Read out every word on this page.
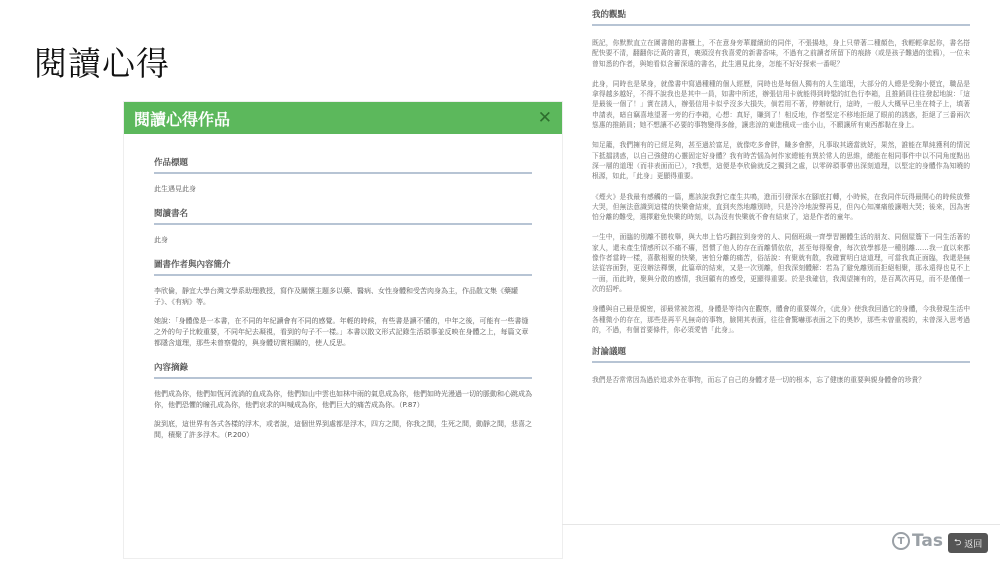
閱讀心得
閱讀心得作品	✕
作品標題

此生遇見此身

閱讀書名

此身

圖書作者與內容簡介

李欣倫，靜宜大學台灣文學系助理教授，寫作及關懷主題多以藥、醫病、女性身體和受苦肉身為主，作品散文集《藥罐子》、《有病》等。

她說：「身體像是一本書，在不同的年紀讀會有不同的感覺。年輕的時候，有些書是讀不懂的，中年之後，可能有一些書缝之外的句子比較重要，不同年紀去凝視，看到的句子不一樣。」本書以散文形式記錄生活瑣事並反映在身體之上，每篇文章都隱含道理，那些未曾察覺的，與身體切實相關的，使人反思。

內容摘錄

他們成為你，他們如恆河流淌的血成為你，他們如山中雲也如林中雨的氣息成為你，他們如時光漫過一切的脈動和心跳成為你，他們恐懼的瞳孔成為你，他們哀求的叫喊成為你，他們巨大的痛苦成為你。（P.87）

說到底，這世界有各式各樣的浮木，或者說，這個世界到處都是浮木，四方之間，你我之間，生死之間，動靜之間，悲喜之間，積聚了許多浮木。（P.200）

我的觀點
既記，你默默直立在圖書館的書櫃上，不在意身旁華麗繽紛的同伴，不張揚地，身上只帶著二種顏色，我輕輕拿起你，書名搭配快要不清，翻翻你泛黃的書頁，裏頭沒有我喜愛的新書香味，不過有之前讀者所留下的痕跡（或是孩子難過的塗鴉），一位未曾知悉的作者，與她看似含蓄深遠的書名，此生遇見此身，怎能不好好探索一番呢？
此身，同時也是眾身，就像書中寫過種種的個人經歷，同時也是每個人獨有的人生道理，大部分的人總是受胸小便宜，職品是拿得越多越好，不得不說我也是其中一員，如書中所述，辦張信用卡就能得到時髦的紅色行李箱，且推銷員往往發起地說：「這是最後一個了！」實在誘人，辦張信用卡似乎沒多大損失，倘若用不著，停辦就行，這時，一般人大概早已坐在椅子上，填著申請表，暗自竊喜地望著一旁的行李箱，心想：真好，賺到了！相反地，作者堅定不移地拒絕了眼前的誘惑，拒絕了三番兩次慫惠的推銷員；她不想讓不必要的事物變得多餘，讓悲涼的東進積成一座小山，不願讓所有東西都黏在身上。
知足籠，我們擁有的已經足夠，甚至過於富足，就像吃多會胖，賺多會醉，凡事取其適當就好，果然，誰能在單純獲利的情況下抵擋誘惑，以自己強健的心靈固定好身體？我有時苦惱為何作家總能有異於常人的思維，總能在相同事件中以不同角度點出深一層的道理（而非表面而已），?我想，這便是李欣倫就反之獨到之處，以零碎瑣事帶出深刻道理，以堅定的身體作為知曉的根源，如此，「此身」更顯得重要。
《煙火》是我最有感觸的一篇，應該說我對它產生共鳴，進而引發深水在腳底打轉，小時候，在我同伴玩得最開心的時候放聲大哭，但無法意識到這樣的快樂會結束，直到夾然地離別時，只是冷冷地說聲再見，但內心知凜痛般讓咽大哭；後來，因為害怕分離的難受，選擇避免快樂的時刻，以為沒有快樂就不會有結束了，這是作者的童年。
一生中，面臨的別離不勝枚舉，與大串上恰巧劃拉到身旁的人、同個班級一齊學習團體生活的朋友、同個屋簷下一同生活著的家人，還未產生情感所以不痛不癢，習慣了他人的存在而離情依依，甚至每得聚會，每次放學都是一種別離……我一直以來都像作者當時一樣，喜歡相聚的快樂，害怕分離的痛苦，俗話說：有聚就有散，我確實明白這道理，可當我真正面臨，我還是無法從容面對，更沒辦法釋懷，此篇章的結束，又是一次別離，但我深刻體解：若為了避免離別而拒絕相聚，那永遠得也見不上一面，而此時，聚與分散的感情，我回顧有的感受，更顯得重要。於是我確信，我渴望擁有的，是百萬次再見，而不是僅僅一次的招呼。
身體與自己最是親密，卻最常被忽視，身體是等待內在觀察，體會的重要媒介，《此身》使我我回過它的身體，今我發現生活中各種微小的存在，那些是再平凡無奇的事物，臉開其表面，往往會驚嚇那表面之下的奧妙，那些未曾重視的，未曾深入思考過的，不過，有個首要條件，你必須愛惜「此身」。
討論議題
我們是否常常因為過於追求外在事物，而忘了自己的身體才是一切的根本，忘了健康的重要與親身體會的珍貴？
T Tas ⮌ 返回
